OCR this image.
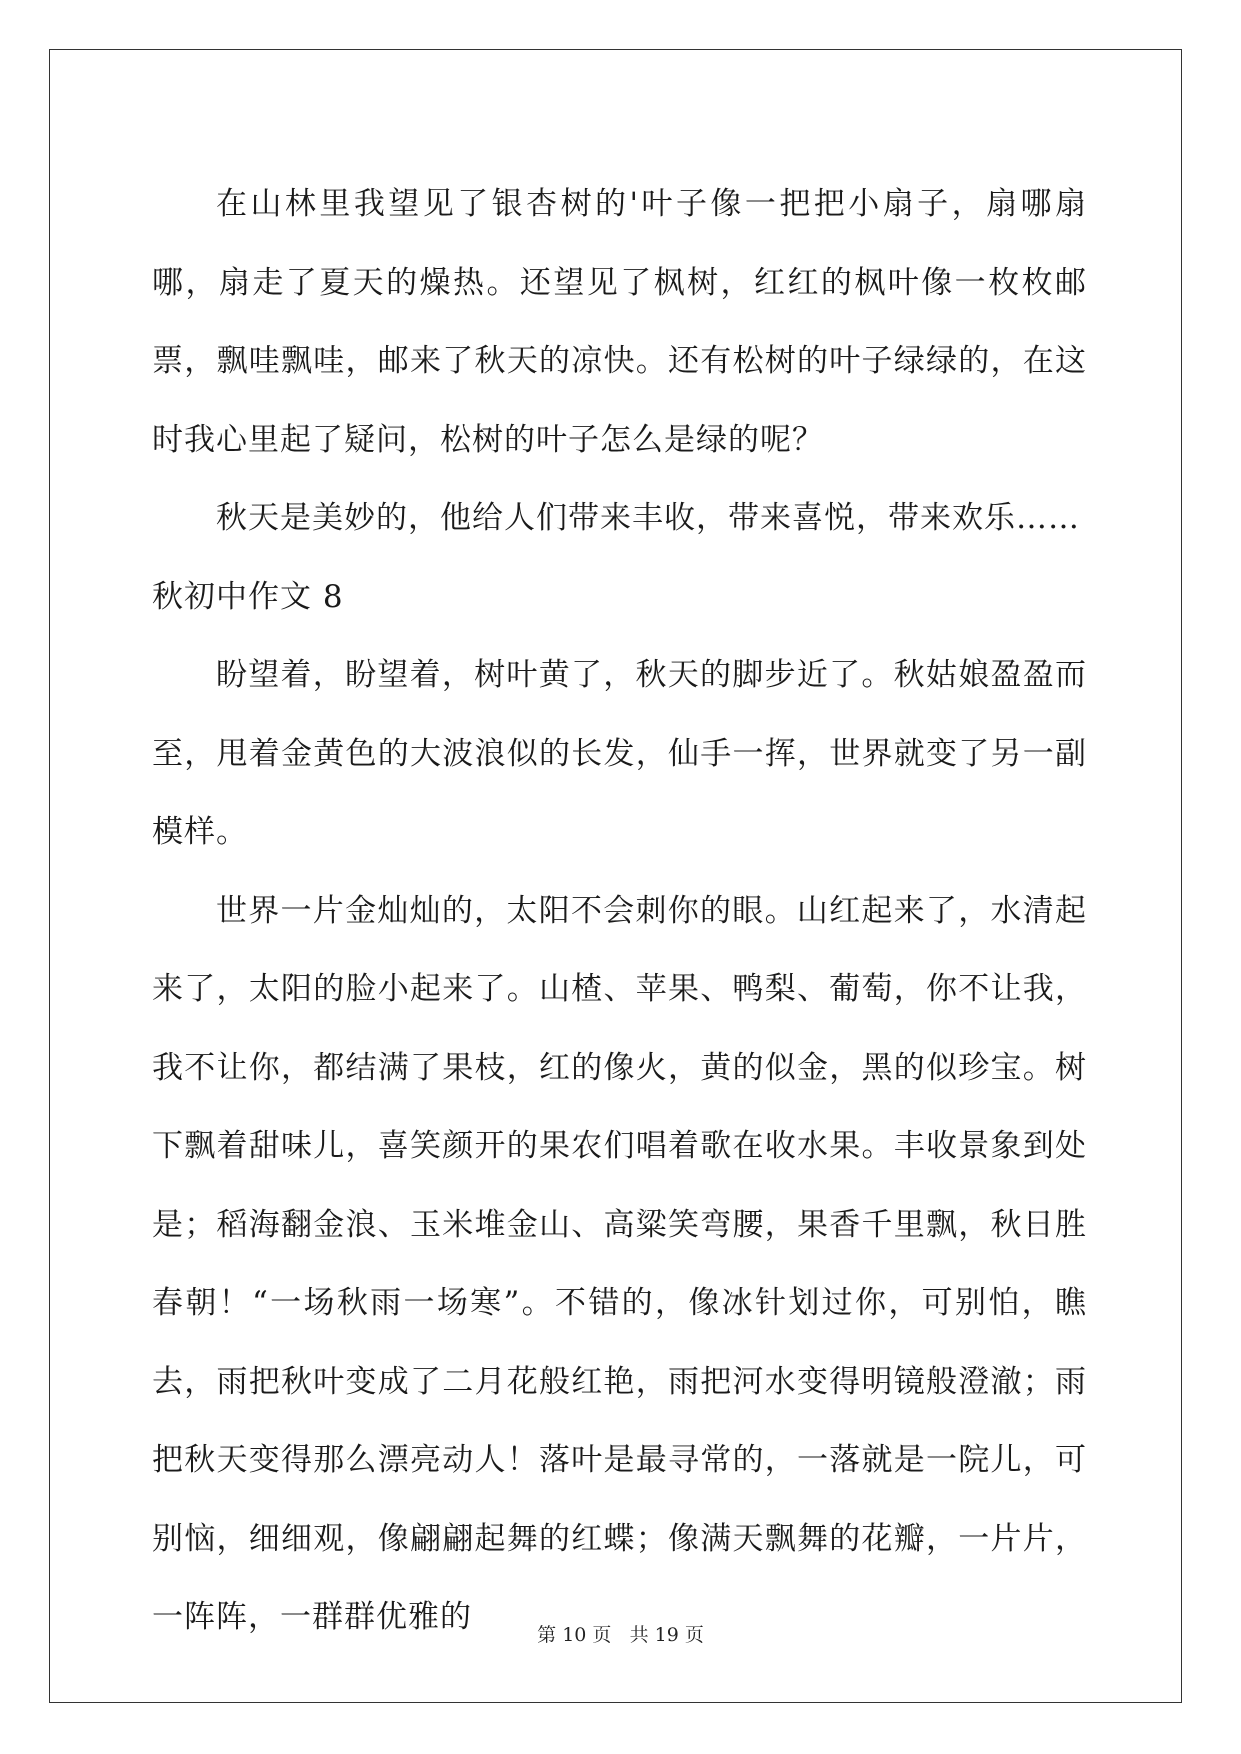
在山林里我望见了银杏树的'叶子像一把把小扇子，扇哪扇哪，扇走了夏天的燥热。还望见了枫树，红红的枫叶像一枚枚邮票，飘哇飘哇，邮来了秋天的凉快。还有松树的叶子绿绿的，在这时我心里起了疑问，松树的叶子怎么是绿的呢？

秋天是美妙的，他给人们带来丰收，带来喜悦，带来欢乐……

秋初中作文 8

盼望着，盼望着，树叶黄了，秋天的脚步近了。秋姑娘盈盈而至，甩着金黄色的大波浪似的长发，仙手一挥，世界就变了另一副模样。

世界一片金灿灿的，太阳不会刺你的眼。山红起来了，水清起来了，太阳的脸小起来了。山楂、苹果、鸭梨、葡萄，你不让我，我不让你，都结满了果枝，红的像火，黄的似金，黑的似珍宝。树下飘着甜味儿，喜笑颜开的果农们唱着歌在收水果。丰收景象到处是；稻海翻金浪、玉米堆金山、高粱笑弯腰，果香千里飘，秋日胜春朝！“一场秋雨一场寒”。不错的，像冰针划过你，可别怕，瞧去，雨把秋叶变成了二月花般红艳，雨把河水变得明镜般澄澈；雨把秋天变得那么漂亮动人！落叶是最寻常的，一落就是一院儿，可别恼，细细观，像翩翩起舞的红蝶；像满天飘舞的花瓣，一片片，一阵阵，一群群优雅的	第 10 页 共 19 页
